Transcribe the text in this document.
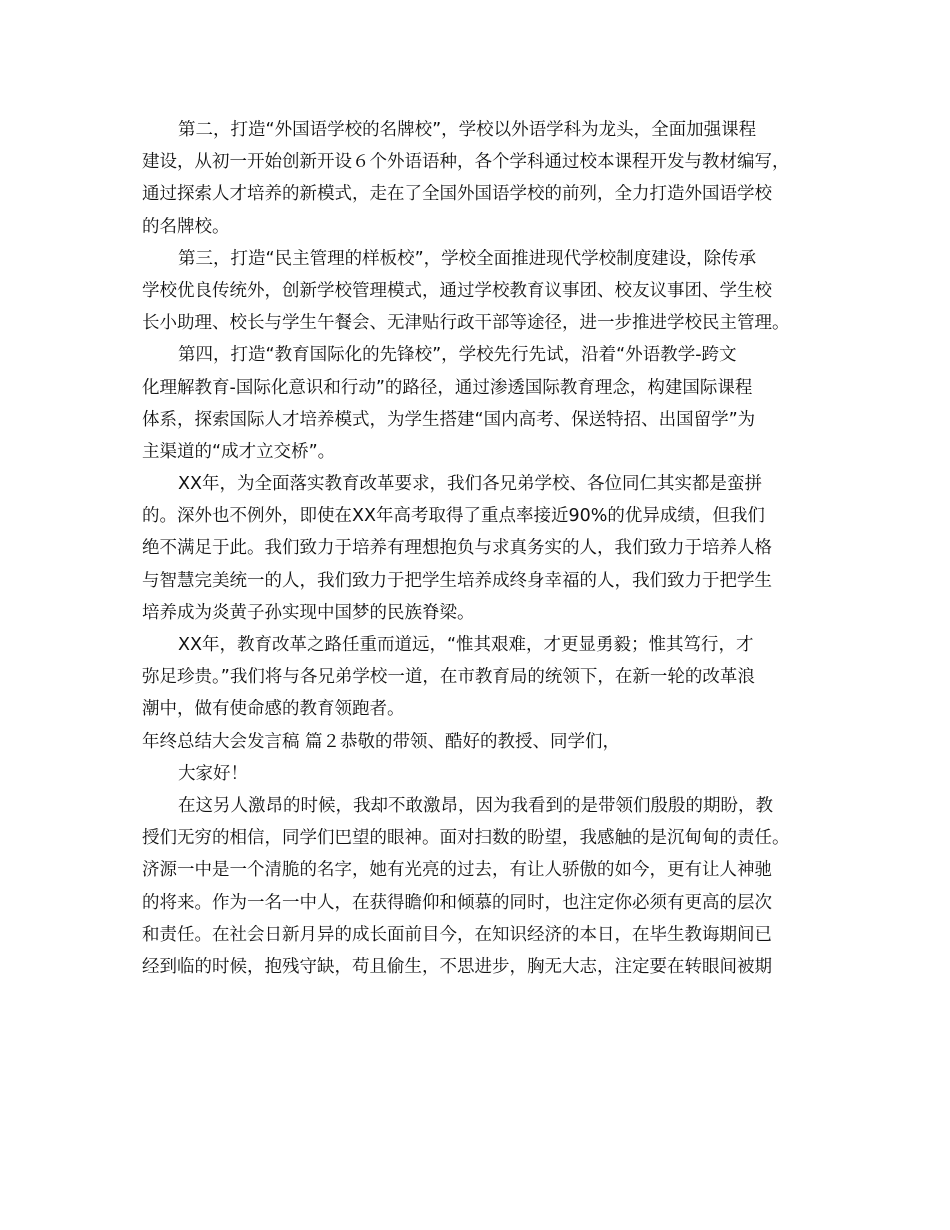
第二，打造“外国语学校的名牌校”，学校以外语学科为龙头，全面加强课程
建设，从初一开始创新开设６个外语语种，各个学科通过校本课程开发与教材编写，
通过探索人才培养的新模式，走在了全国外国语学校的前列，全力打造外国语学校
的名牌校。
第三，打造“民主管理的样板校”，学校全面推进现代学校制度建设，除传承
学校优良传统外，创新学校管理模式，通过学校教育议事团、校友议事团、学生校
长小助理、校长与学生午餐会、无津贴行政干部等途径，进一步推进学校民主管理。
第四，打造“教育国际化的先锋校”，学校先行先试，沿着“外语教学-跨文
化理解教育-国际化意识和行动”的路径，通过渗透国际教育理念，构建国际课程
体系，探索国际人才培养模式，为学生搭建“国内高考、保送特招、出国留学”为
主渠道的“成才立交桥”。
XX年，为全面落实教育改革要求，我们各兄弟学校、各位同仁其实都是蛮拼
的。深外也不例外，即使在XX年高考取得了重点率接近90%的优异成绩，但我们
绝不满足于此。我们致力于培养有理想抱负与求真务实的人，我们致力于培养人格
与智慧完美统一的人，我们致力于把学生培养成终身幸福的人，我们致力于把学生
培养成为炎黄子孙实现中国梦的民族脊梁。
XX年，教育改革之路任重而道远，“惟其艰难，才更显勇毅；惟其笃行，才
弥足珍贵。”我们将与各兄弟学校一道，在市教育局的统领下，在新一轮的改革浪
潮中，做有使命感的教育领跑者。
年终总结大会发言稿 篇２恭敬的带领、酷好的教授、同学们，
大家好！
在这另人激昂的时候，我却不敢激昂，因为我看到的是带领们殷殷的期盼，教
授们无穷的相信，同学们巴望的眼神。面对扫数的盼望，我感触的是沉甸甸的责任。
济源一中是一个清脆的名字，她有光亮的过去，有让人骄傲的如今，更有让人神驰
的将来。作为一名一中人，在获得瞻仰和倾慕的同时，也注定你必须有更高的层次
和责任。在社会日新月异的成长面前目今，在知识经济的本日，在毕生教诲期间已
经到临的时候，抱残守缺，苟且偷生，不思进步，胸无大志，注定要在转眼间被期
